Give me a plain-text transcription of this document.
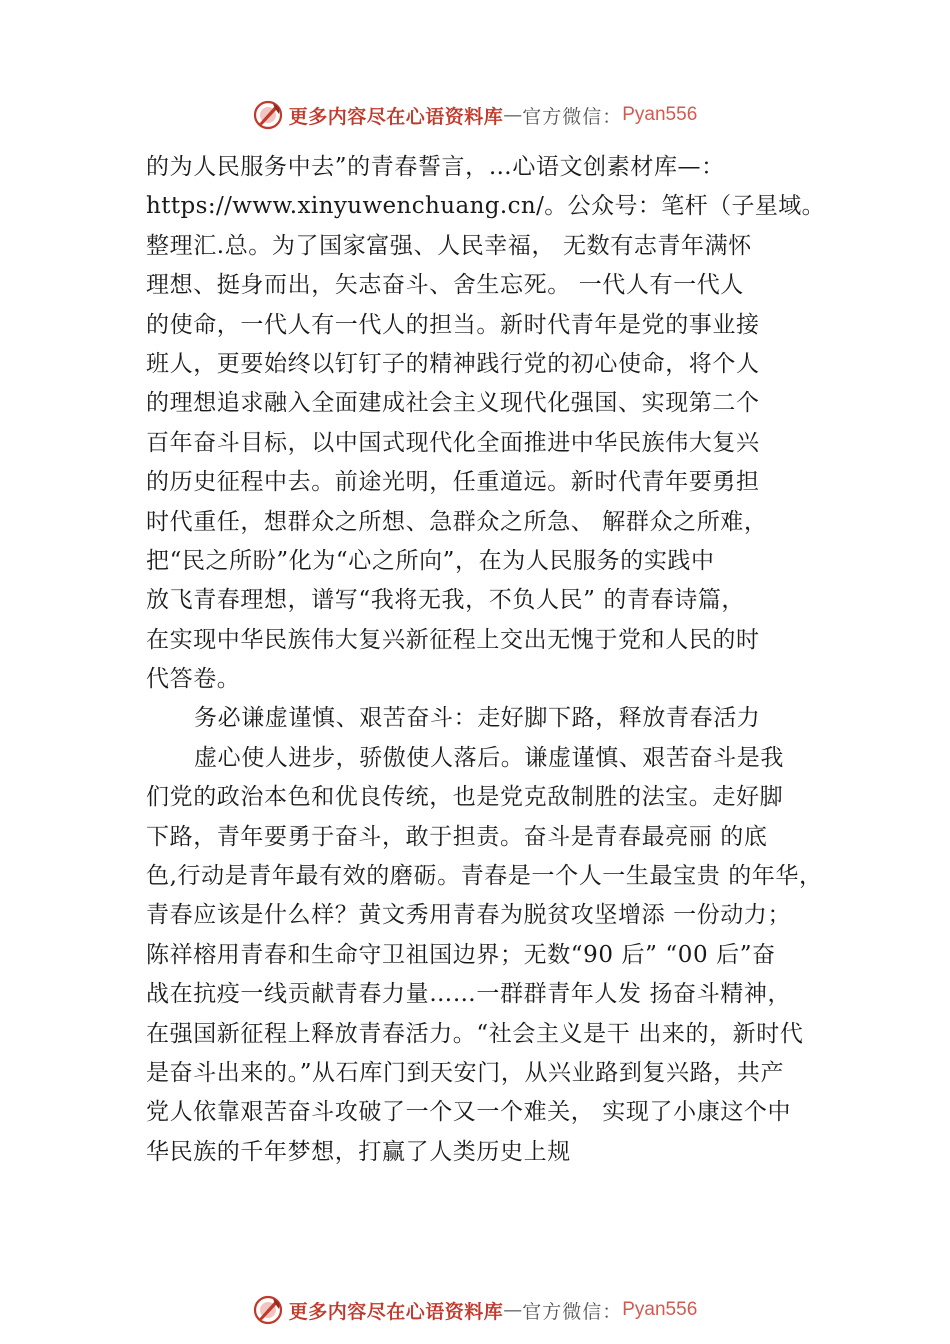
更多内容尽在心语资料库 — 官方微信： Pyan556
的为人民服务中去”的青春誓言，…心语文创素材库—：
https://www.xinyuwenchuang.cn/。公众号：笔杆（子星域。
整理汇.总。为了国家富强、人民幸福， 无数有志青年满怀
理想、挺身而出，矢志奋斗、舍生忘死。 一代人有一代人
的使命，一代人有一代人的担当。新时代青年是党的事业接
班人，更要始终以钉钉子的精神践行党的初心使命，将个人
的理想追求融入全面建成社会主义现代化强国、实现第二个
百年奋斗目标，以中国式现代化全面推进中华民族伟大复兴
的历史征程中去。前途光明，任重道远。新时代青年要勇担
时代重任，想群众之所想、急群众之所急、 解群众之所难，
把“民之所盼”化为“心之所向”，在为人民服务的实践中
放飞青春理想，谱写“我将无我，不负人民” 的青春诗篇，
在实现中华民族伟大复兴新征程上交出无愧于党和人民的时
代答卷。
务必谦虚谨慎、艰苦奋斗：走好脚下路，释放青春活力
虚心使人进步，骄傲使人落后。谦虚谨慎、艰苦奋斗是我
们党的政治本色和优良传统，也是党克敌制胜的法宝。走好脚
下路，青年要勇于奋斗，敢于担责。奋斗是青春最亮丽 的底
色,行动是青年最有效的磨砺。青春是一个人一生最宝贵 的年华，
青春应该是什么样？黄文秀用青春为脱贫攻坚增添 一份动力；
陈祥榕用青春和生命守卫祖国边界；无数“90 后” “00 后”奋
战在抗疫一线贡献青春力量……一群群青年人发 扬奋斗精神，
在强国新征程上释放青春活力。“社会主义是干 出来的，新时代
是奋斗出来的。”从石库门到天安门，从兴业路到复兴路，共产
党人依靠艰苦奋斗攻破了一个又一个难关， 实现了小康这个中
华民族的千年梦想，打赢了人类历史上规
更多内容尽在心语资料库 — 官方微信： Pyan556
